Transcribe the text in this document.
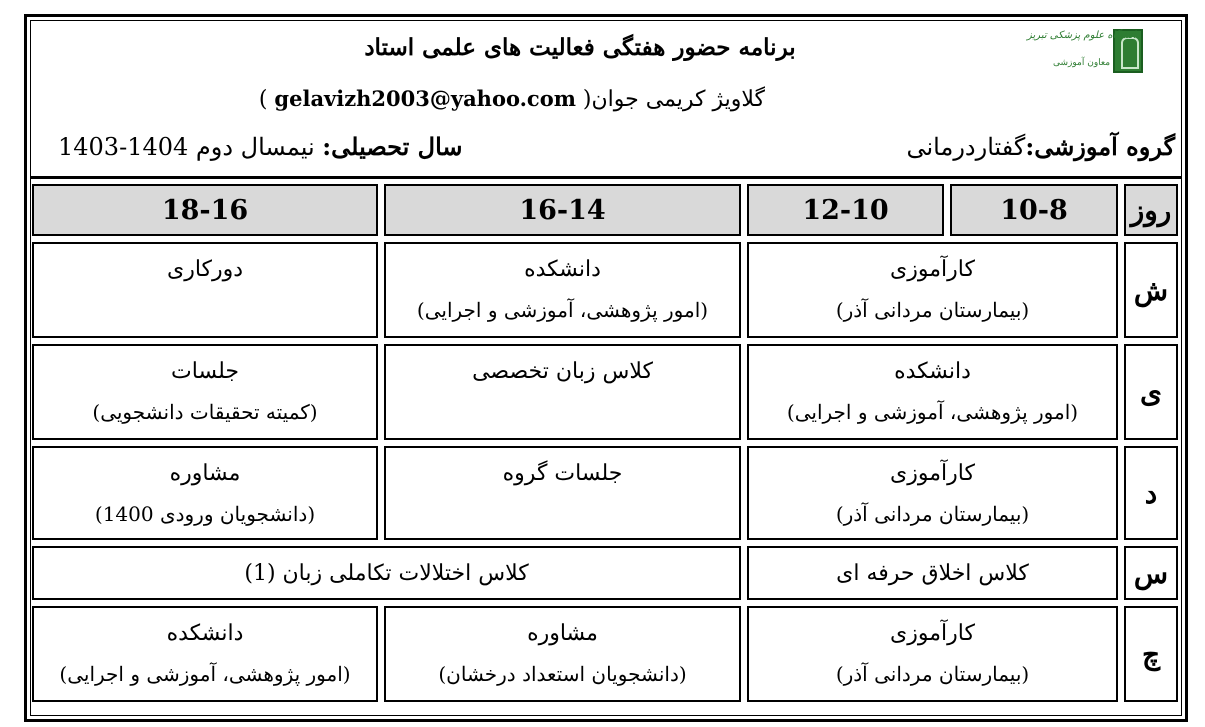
برنامه حضور هفتگی فعالیت های علمی استاد
گلاویژ کریمی جوان( gelavizh2003@yahoo.com )
گروه آموزشی:گفتاردرمانی
سال تحصیلی: نیمسال دوم 1404-1403
دانشگاه علوم پزشکی تبریز
معاون آموزشی
روز
10-8
12-10
16-14
18-16
ش
کارآموزی
(بیمارستان مردانی آذر)
دانشکده
(امور پژوهشی، آموزشی و اجرایی)
دورکاری
ی
دانشکده
(امور پژوهشی، آموزشی و اجرایی)
کلاس زبان تخصصی
جلسات
(کمیته تحقیقات دانشجویی)
د
کارآموزی
(بیمارستان مردانی آذر)
جلسات گروه
مشاوره
(دانشجویان ورودی 1400)
س
کلاس اخلاق حرفه ای
کلاس اختلالات تکاملی زبان (1)
چ
کارآموزی
(بیمارستان مردانی آذر)
مشاوره
(دانشجویان استعداد درخشان)
دانشکده
(امور پژوهشی، آموزشی و اجرایی)
